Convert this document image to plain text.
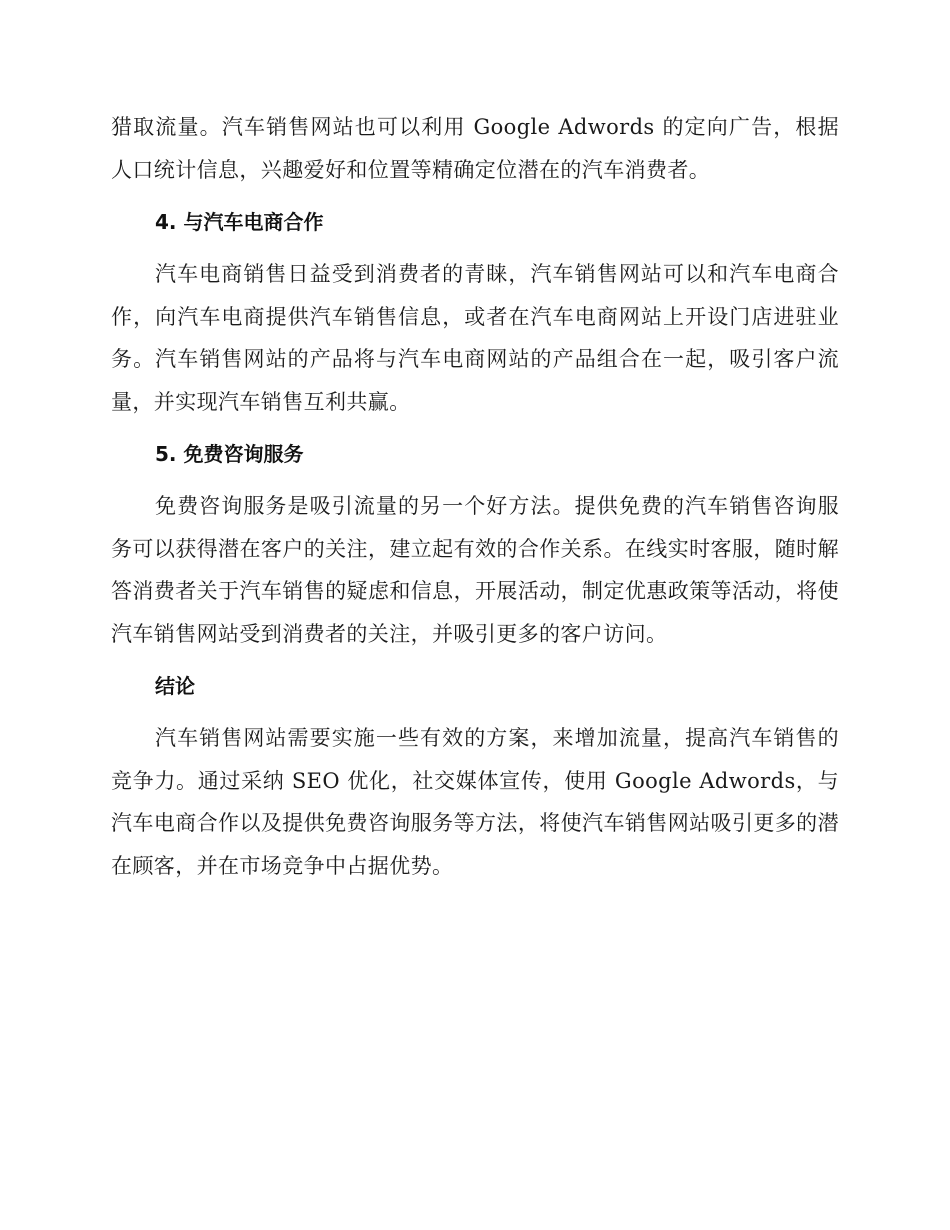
猎取流量。汽车销售网站也可以利用 Google Adwords 的定向广告，根据人口统计信息，兴趣爱好和位置等精确定位潜在的汽车消费者。

4. 与汽车电商合作

汽车电商销售日益受到消费者的青睐，汽车销售网站可以和汽车电商合作，向汽车电商提供汽车销售信息，或者在汽车电商网站上开设门店进驻业务。汽车销售网站的产品将与汽车电商网站的产品组合在一起，吸引客户流量，并实现汽车销售互利共赢。

5. 免费咨询服务

免费咨询服务是吸引流量的另一个好方法。提供免费的汽车销售咨询服务可以获得潜在客户的关注，建立起有效的合作关系。在线实时客服，随时解答消费者关于汽车销售的疑虑和信息，开展活动，制定优惠政策等活动，将使汽车销售网站受到消费者的关注，并吸引更多的客户访问。

结论

汽车销售网站需要实施一些有效的方案，来增加流量，提高汽车销售的竞争力。通过采纳 SEO 优化，社交媒体宣传，使用 Google Adwords，与汽车电商合作以及提供免费咨询服务等方法，将使汽车销售网站吸引更多的潜在顾客，并在市场竞争中占据优势。
